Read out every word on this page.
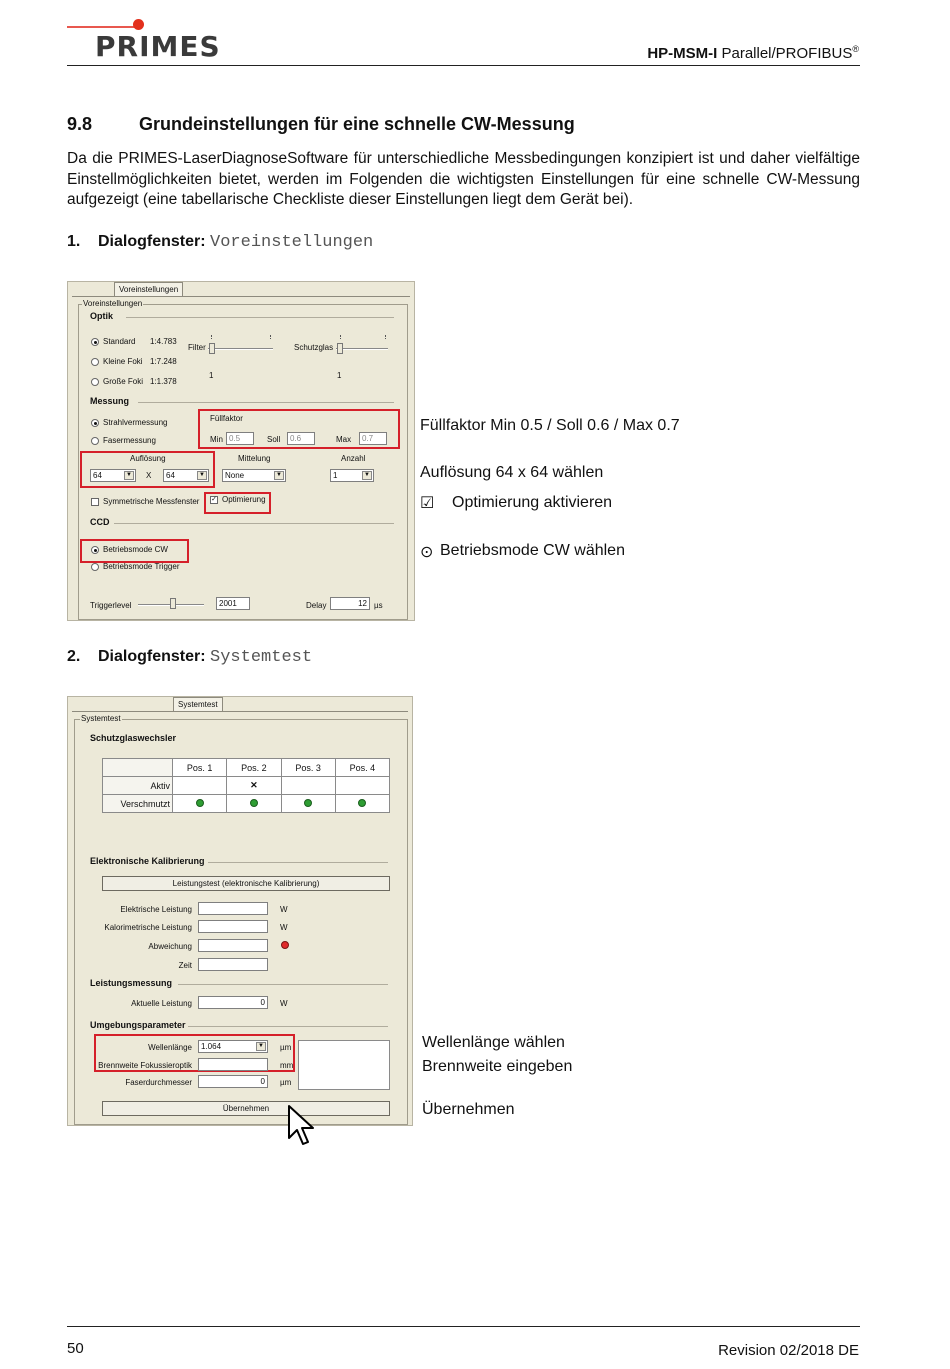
PRIMES	HP-MSM-I Parallel/PROFIBUS®
9.8	Grundeinstellungen für eine schnelle CW-Messung
Da die PRIMES-LaserDiagnoseSoftware für unterschiedliche Messbedingungen konzipiert ist und daher vielfältige Einstellmöglichkeiten bietet, werden im Folgenden die wichtigsten Einstellungen für eine schnelle CW-Messung aufgezeigt (eine tabellarische Checkliste dieser Einstellungen liegt dem Gerät bei).
1. Dialogfenster: Voreinstellungen
Voreinstellungen
Voreinstellungen
Optik
Standard 1:4.783
Kleine Foki 1:7.248
Große Foki 1:1.378
Filter
1
Schutzglas
1
Messung
Strahlvermessung
Fasermessung
Füllfaktor
Min 0.5	Soll	0.6	Max	0.7
Auflösung
64	▼ X	64	▼
Mittelung
None	▼
Anzahl
1	▼
Symmetrische Messfenster ✓ Optimierung
CCD
Betriebsmode CW
Betriebsmode Trigger
Triggerlevel	2001	Delay	12 µs
Füllfaktor Min 0.5 / Soll 0.6 / Max 0.7
Auflösung 64 x 64 wählen
☑ Optimierung aktivieren
⊙ Betriebsmode CW wählen
2. Dialogfenster: Systemtest
Systemtest
Systemtest
Schutzglaswechsler
	Pos. 1	Pos. 2	Pos. 3	Pos. 4
Aktiv		✕		
Verschmutzt				
Elektronische Kalibrierung
Leistungstest (elektronische Kalibrierung)
Elektrische Leistung	W
Kalorimetrische Leistung	W
Abweichung
Zeit
Leistungsmessung
Aktuelle Leistung	0	W
Umgebungsparameter
Wellenlänge	1.064	▼ µm
Brennweite Fokussieroptik	mm
Faserdurchmesser	0	µm
Übernehmen
Wellenlänge wählen
Brennweite eingeben
Übernehmen
50	Revision 02/2018 DE
